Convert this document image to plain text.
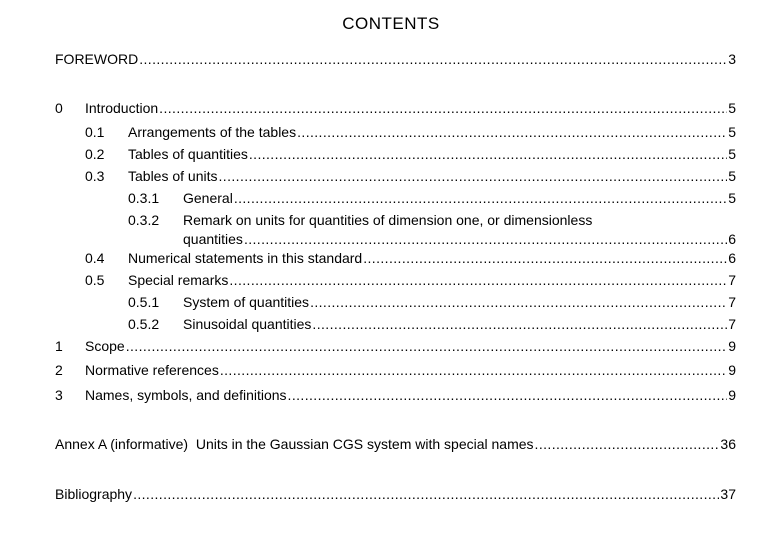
CONTENTS
FOREWORD .....	3
0 Introduction .....	5
0.1 Arrangements of the tables .....	5
0.2 Tables of quantities .....	5
0.3 Tables of units .....	5
0.3.1 General .....	5
0.3.2 Remark on units for quantities of dimension one, or dimensionless
quantities .....	6
0.4 Numerical statements in this standard .....	6
0.5 Special remarks .....	7
0.5.1 System of quantities .....	7
0.5.2 Sinusoidal quantities .....	7
1 Scope .....	9
2 Normative references .....	9
3 Names, symbols, and definitions .....	9
Annex A (informative)  Units in the Gaussian CGS system with special names .....	36
Bibliography .....	37
